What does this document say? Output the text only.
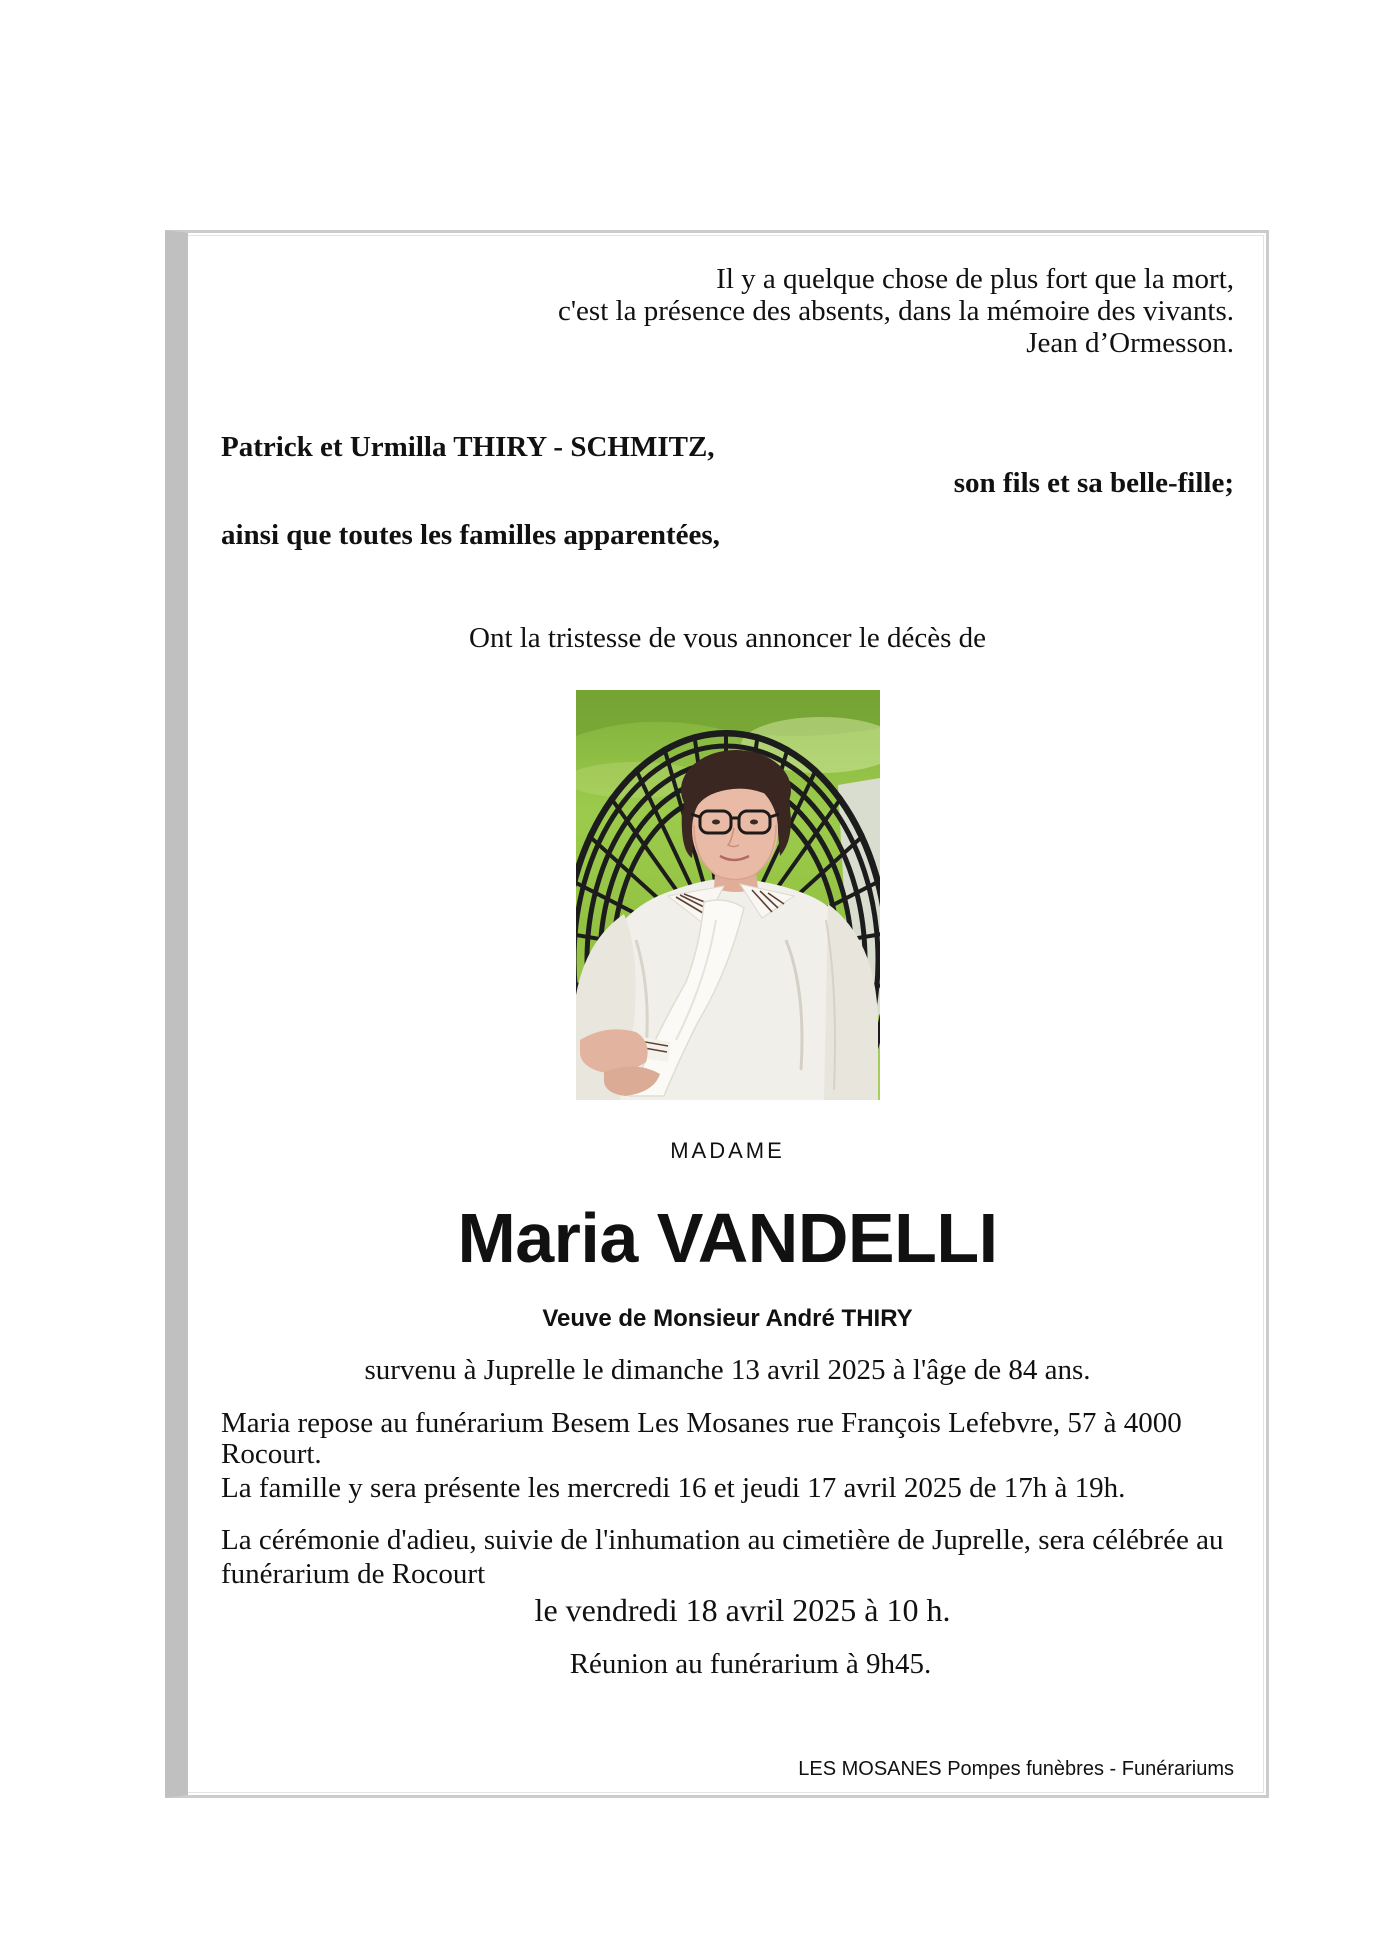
Il y a quelque chose de plus fort que la mort,
c'est la présence des absents, dans la mémoire des vivants.
Jean d’Ormesson.
Patrick et Urmilla THIRY - SCHMITZ,
son fils et sa belle-fille;
ainsi que toutes les familles apparentées,
Ont la tristesse de vous annoncer le décès de
MADAME
Maria VANDELLI
Veuve de Monsieur André THIRY
survenu à Juprelle le dimanche 13 avril 2025 à l'âge de 84 ans.
Maria repose au funérarium Besem Les Mosanes rue François Lefebvre, 57 à 4000
Rocourt.
La famille y sera présente les mercredi 16 et jeudi 17 avril 2025 de 17h à 19h.
La cérémonie d'adieu, suivie de l'inhumation au cimetière de Juprelle, sera célébrée au
funérarium de Rocourt
le vendredi 18 avril 2025 à 10 h.
Réunion au funérarium à 9h45.
LES MOSANES Pompes funèbres - Funérariums
